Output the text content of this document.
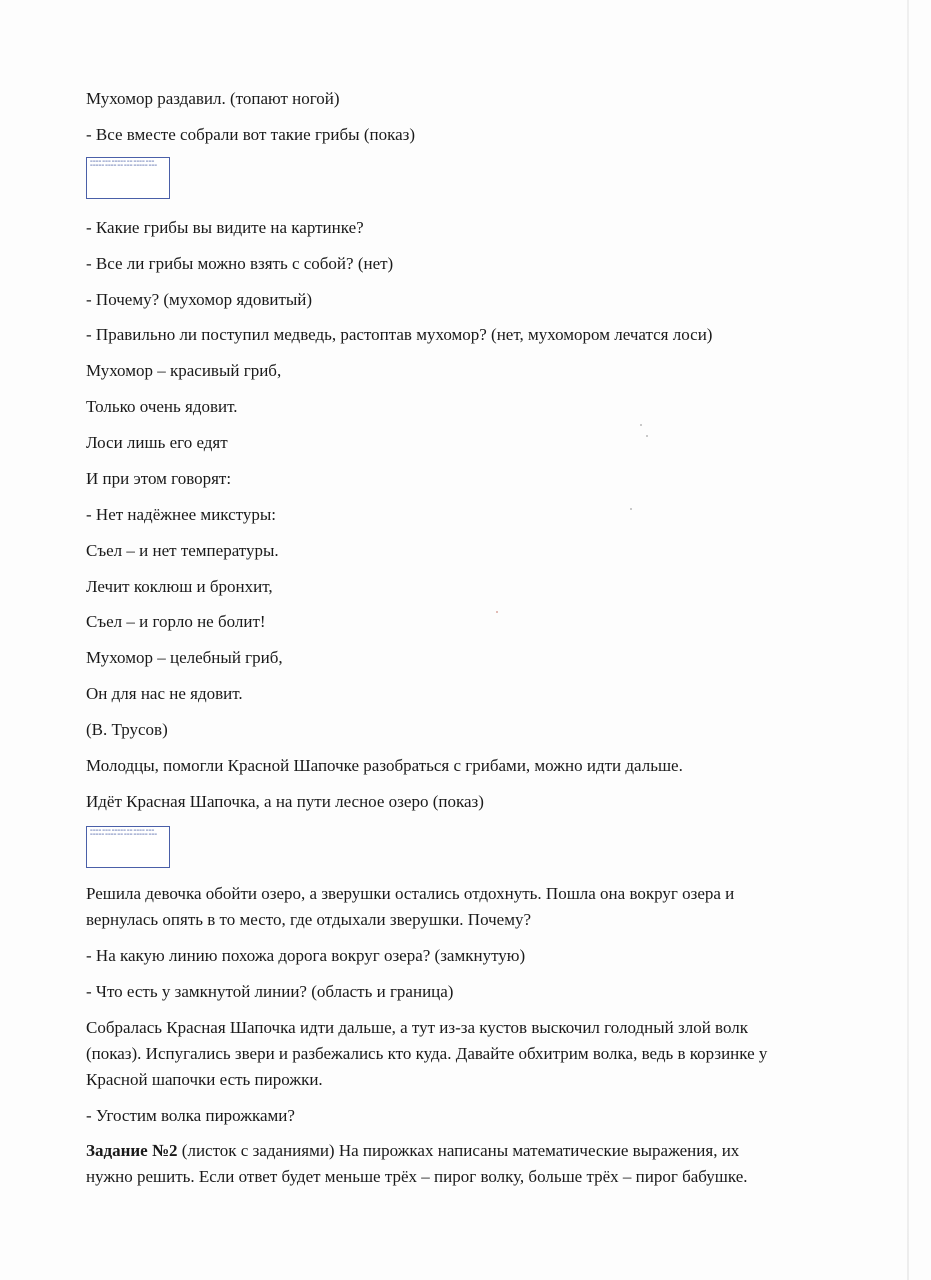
Мухомор раздавил. (топают ногой)
- Все вместе собрали вот такие грибы (показ)
▬▬▬▬ ▬▬▬ ▬▬▬▬▬ ▬▬ ▬▬▬▬ ▬▬▬ ▬▬▬▬▬ ▬▬▬▬ ▬▬ ▬▬▬ ▬▬▬▬▬ ▬▬▬
- Какие грибы вы видите на картинке?
- Все ли грибы можно взять с собой? (нет)
- Почему? (мухомор ядовитый)
- Правильно ли поступил медведь, растоптав мухомор? (нет, мухомором лечатся лоси)
Мухомор – красивый гриб,
Только очень ядовит.
Лоси лишь его едят
И при этом говорят:
- Нет надёжнее микстуры:
Съел – и нет температуры.
Лечит коклюш и бронхит,
Съел – и горло не болит!
Мухомор – целебный гриб,
Он для нас не ядовит.
(В. Трусов)
Молодцы, помогли Красной Шапочке разобраться с грибами, можно идти дальше.
Идёт Красная Шапочка, а на пути лесное озеро (показ)
▬▬▬▬ ▬▬▬ ▬▬▬▬▬ ▬▬ ▬▬▬▬ ▬▬▬ ▬▬▬▬▬ ▬▬▬▬ ▬▬ ▬▬▬ ▬▬▬▬▬ ▬▬▬
Решила девочка обойти озеро, а зверушки остались отдохнуть. Пошла она вокруг озера и
вернулась опять в то место, где отдыхали зверушки. Почему?
- На какую линию похожа дорога вокруг озера? (замкнутую)
- Что есть у замкнутой линии? (область и граница)
Собралась Красная Шапочка идти дальше, а тут из-за кустов выскочил голодный злой волк
(показ). Испугались звери и разбежались кто куда. Давайте обхитрим волка, ведь в корзинке у
Красной шапочки есть пирожки.
- Угостим волка пирожками?
Задание №2 (листок с заданиями) На пирожках написаны математические выражения, их
нужно решить. Если ответ будет меньше трёх – пирог волку, больше трёх – пирог бабушке.
